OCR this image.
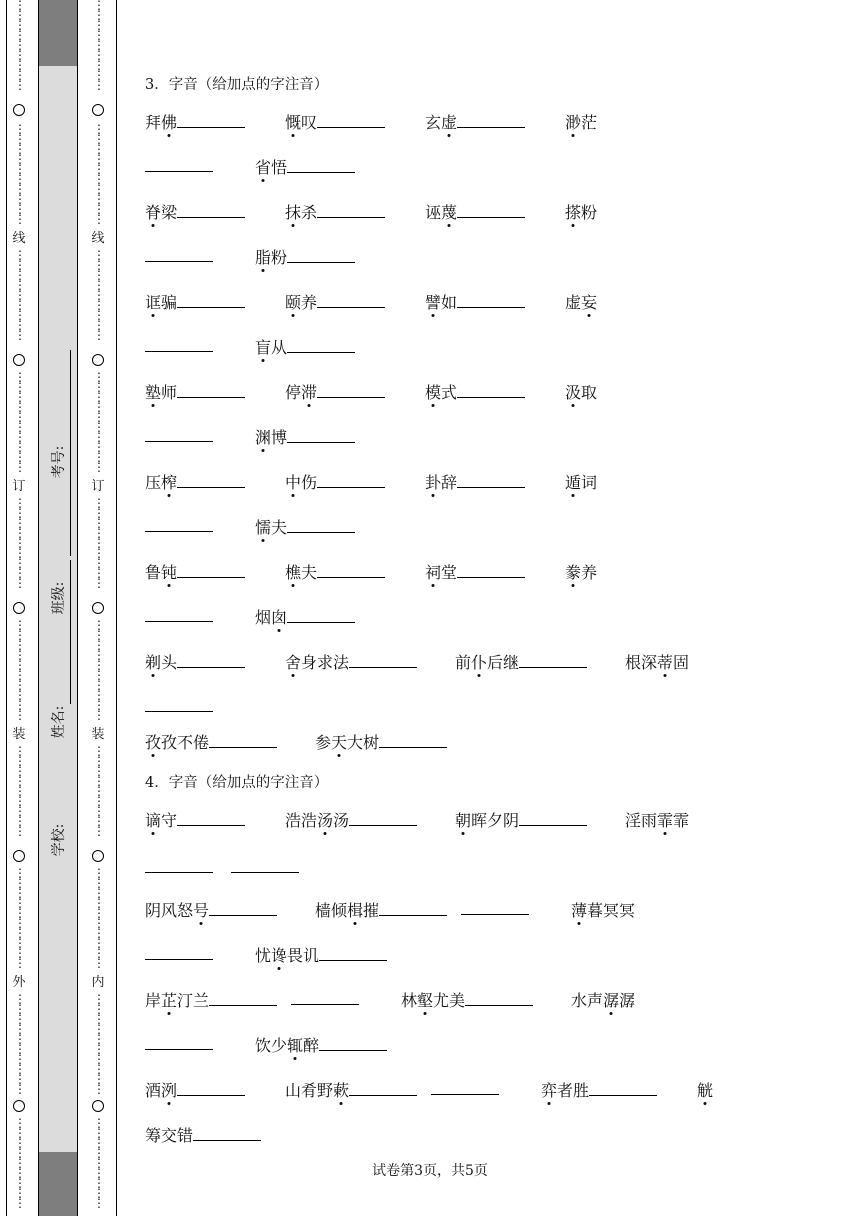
⋮
⋮
⋮
⋮
⋮
⋮
⋮
⋮
⋮

⋮
⋮
⋮
⋮
⋮
⋮
⋮
⋮
⋮
⋮

⋮
⋮
⋮
⋮
⋮
⋮
⋮
⋮
⋮

⋮
⋮
⋮
⋮
⋮
⋮
⋮
⋮
⋮
⋮

⋮
⋮
⋮
⋮
⋮
⋮
⋮
⋮
⋮

⋮
⋮
⋮
⋮
⋮
⋮
⋮
⋮
⋮
⋮

⋮
⋮
⋮
⋮
⋮
⋮
⋮
⋮
⋮

⋮
⋮
⋮
⋮
⋮
⋮
⋮
⋮
⋮
⋮

⋮
⋮
⋮
⋮
⋮
⋮
⋮
⋮
⋮
⋮

⋮
⋮
⋮
⋮
⋮
⋮
⋮
⋮
⋮

线
订
装
外
⋮
⋮
⋮
⋮
⋮
⋮
⋮
⋮
⋮

⋮
⋮
⋮
⋮
⋮
⋮
⋮
⋮
⋮
⋮

⋮
⋮
⋮
⋮
⋮
⋮
⋮
⋮
⋮

⋮
⋮
⋮
⋮
⋮
⋮
⋮
⋮
⋮
⋮

⋮
⋮
⋮
⋮
⋮
⋮
⋮
⋮
⋮

⋮
⋮
⋮
⋮
⋮
⋮
⋮
⋮
⋮
⋮

⋮
⋮
⋮
⋮
⋮
⋮
⋮
⋮
⋮

⋮
⋮
⋮
⋮
⋮
⋮
⋮
⋮
⋮
⋮

⋮
⋮
⋮
⋮
⋮
⋮
⋮
⋮
⋮
⋮

⋮
⋮
⋮
⋮
⋮
⋮
⋮
⋮
⋮

线
订
装
内
学校:
姓名:
班级:
考号:
3．字音（给加点的字注音）
拜佛	慨叹	玄虚	渺茫
省悟
脊梁	抹杀	诬蔑	搽粉
脂粉
诓骗	颐养	譬如	虚妄
盲从
塾师	停滞	模式	汲取
渊博
压榨	中伤	卦辞	遁词
懦夫
鲁钝	樵夫	祠堂	豢养
烟囱
剃头	舍身求法	前仆后继	根深蒂固
孜孜不倦	参天大树
4．字音（给加点的字注音）
谪守	浩浩汤汤	朝晖夕阴	淫雨霏霏
阴风怒号	樯倾楫摧	薄暮冥冥
忧谗畏讥
岸芷汀兰	林壑尤美	水声潺潺
饮少辄醉
酒洌	山肴野蔌	弈者胜	觥
筹交错
试卷第3页，共5页
